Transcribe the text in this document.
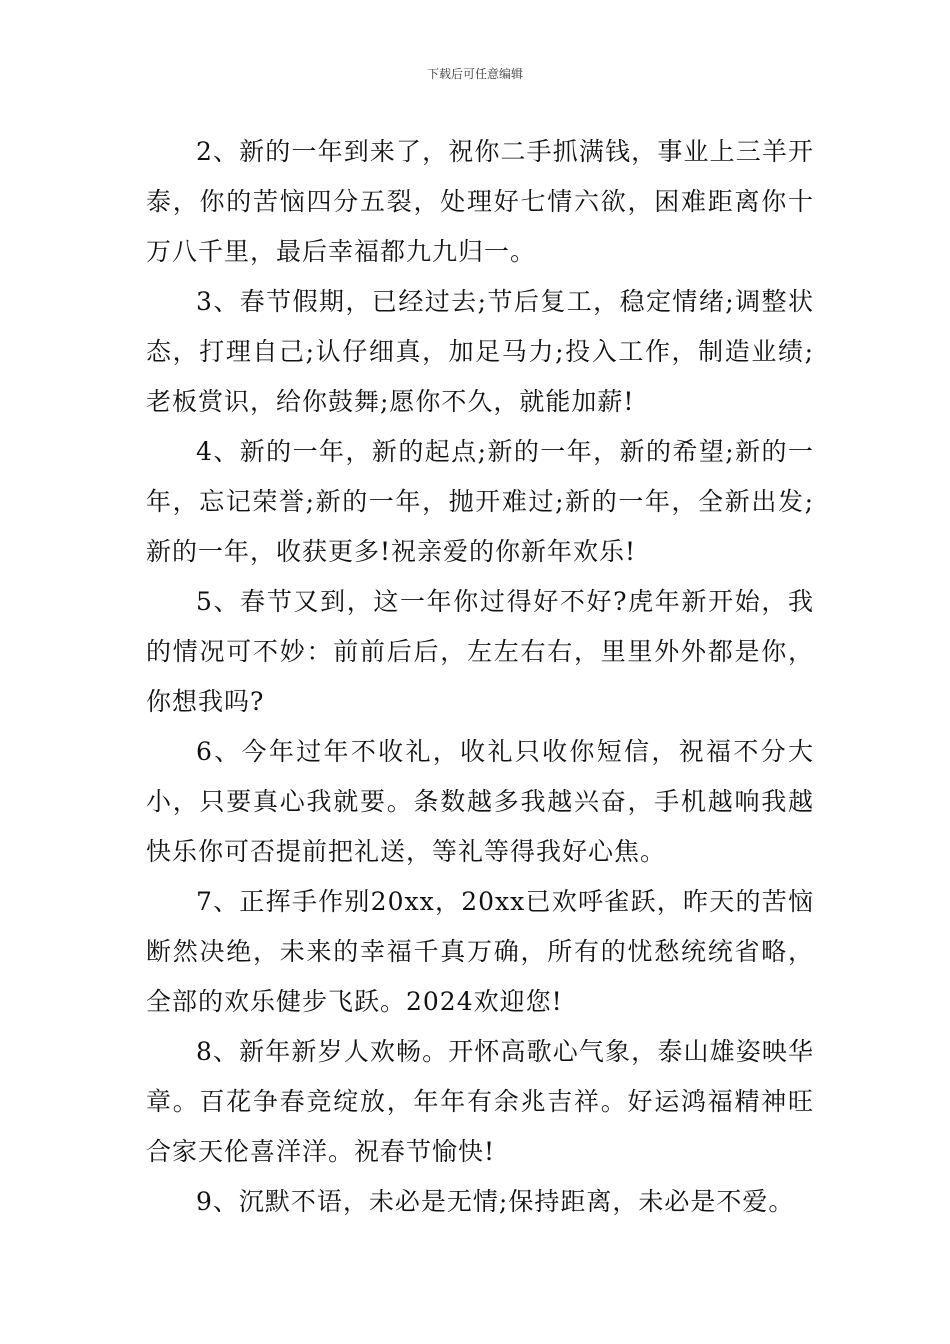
下载后可任意编辑

2、新的一年到来了，祝你二手抓满钱，事业上三羊开泰，你的苦恼四分五裂，处理好七情六欲，困难距离你十万八千里，最后幸福都九九归一。

3、春节假期，已经过去;节后复工，稳定情绪;调整状态，打理自己;认仔细真，加足马力;投入工作，制造业绩;老板赏识，给你鼓舞;愿你不久，就能加薪!

4、新的一年，新的起点;新的一年，新的希望;新的一年，忘记荣誉;新的一年，抛开难过;新的一年，全新出发;新的一年，收获更多!祝亲爱的你新年欢乐!

5、春节又到，这一年你过得好不好?虎年新开始，我的情况可不妙：前前后后，左左右右，里里外外都是你，你想我吗?

6、今年过年不收礼，收礼只收你短信，祝福不分大小，只要真心我就要。条数越多我越兴奋，手机越响我越快乐你可否提前把礼送，等礼等得我好心焦。

7、正挥手作别20xx，20xx已欢呼雀跃，昨天的苦恼断然决绝，未来的幸福千真万确，所有的忧愁统统省略，全部的欢乐健步飞跃。2024欢迎您!

8、新年新岁人欢畅。开怀高歌心气象，泰山雄姿映华章。百花争春竞绽放，年年有余兆吉祥。好运鸿福精神旺合家天伦喜洋洋。祝春节愉快!

9、沉默不语，未必是无情;保持距离，未必是不爱。
